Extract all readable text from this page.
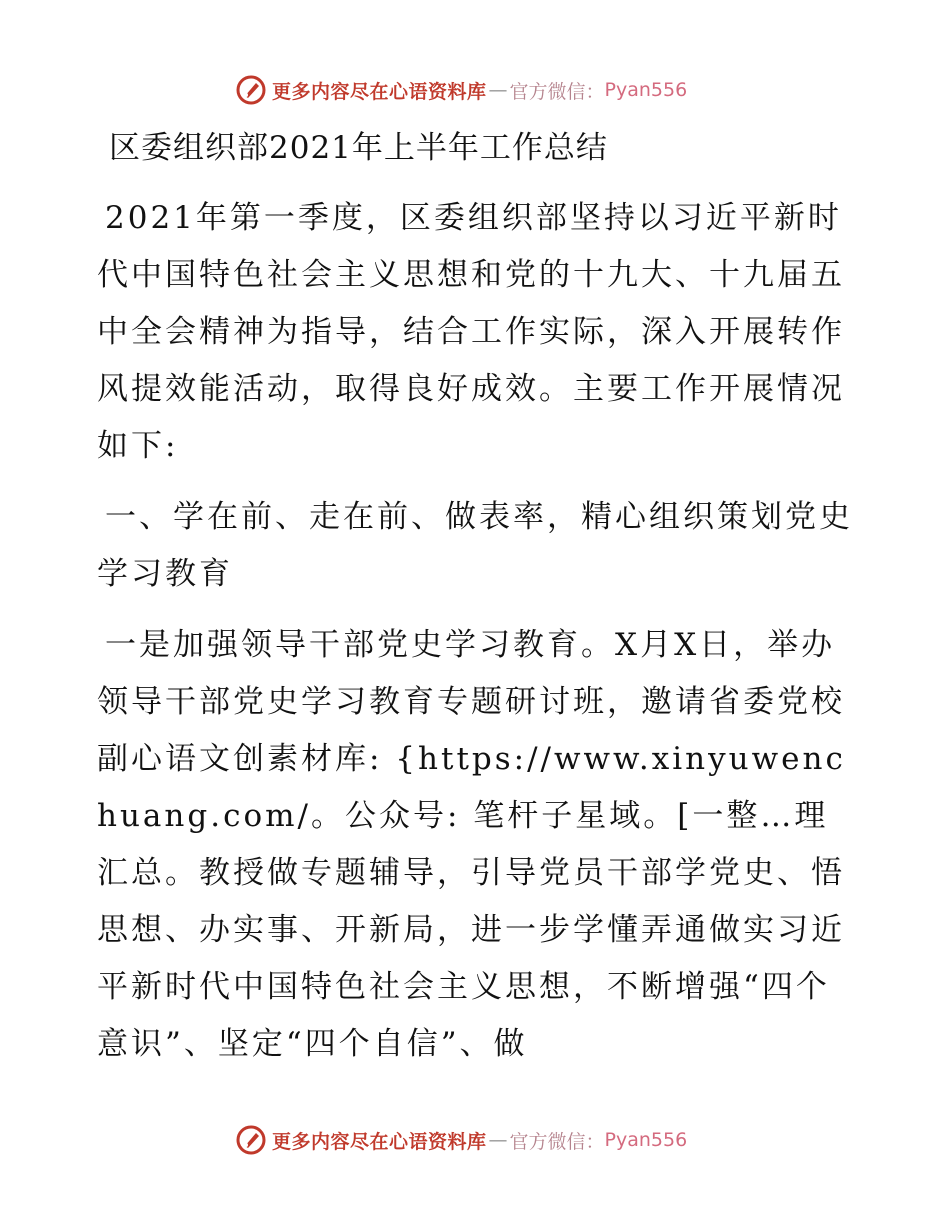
更多内容尽在心语资料库 — 官方微信： Pyan556
区委组织部2021年上半年工作总结

2021年第一季度，区委组织部坚持以习近平新时代中国特色社会主义思想和党的十九大、十九届五中全会精神为指导，结合工作实际，深入开展转作风提效能活动，取得良好成效。主要工作开展情况如下:

一、学在前、走在前、做表率，精心组织策划党史学习教育

一是加强领导干部党史学习教育。X月X日，举办领导干部党史学习教育专题研讨班，邀请省委党校副心语文创素材库: {https://www.xinyuwenchuang.com/。公众号: 笔杆子星域。[一整…理汇总。教授做专题辅导，引导党员干部学党史、悟思想、办实事、开新局，进一步学懂弄通做实习近平新时代中国特色社会主义思想，不断增强“四个意识”、坚定“四个自信”、做

更多内容尽在心语资料库 — 官方微信： Pyan556
